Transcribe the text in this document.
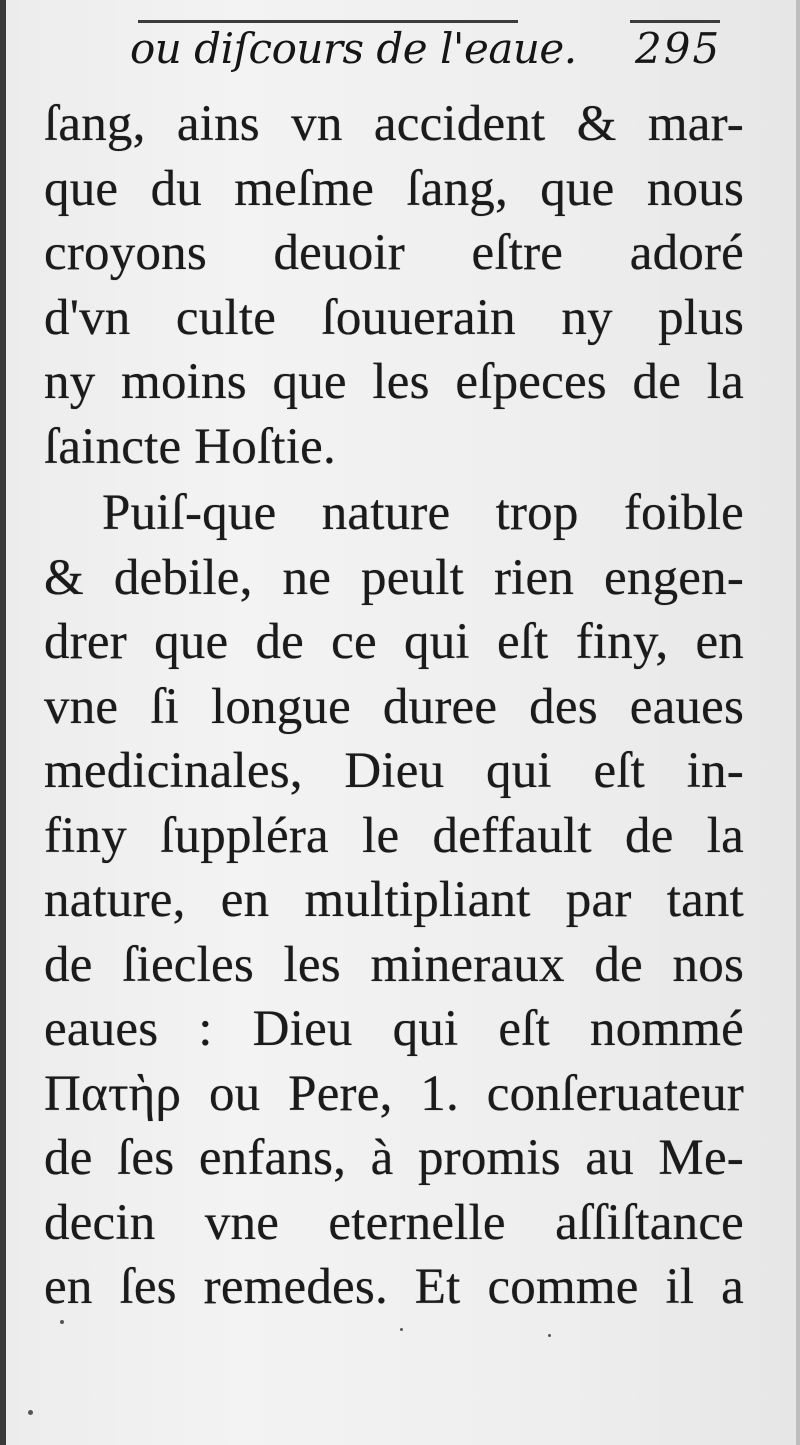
ou diſcours de l'eaue. 295
ſang, ains vn accident & mar-
que du meſme ſang, que nous
croyons deuoir eſtre adoré
d'vn culte ſouuerain ny plus
ny moins que les eſpeces de la
ſaincte Hoſtie.
Puiſ-que nature trop foible
& debile, ne peult rien engen-
drer que de ce qui eſt finy, en
vne ſi longue duree des eaues
medicinales, Dieu qui eſt in-
finy ſuppléra le deffault de la
nature, en multipliant par tant
de ſiecles les mineraux de nos
eaues : Dieu qui eſt nommé
Πατὴρ ou Pere, 1. conſeruateur
de ſes enfans, à promis au Me-
decin vne eternelle aſſiſtance
en ſes remedes. Et comme il a
